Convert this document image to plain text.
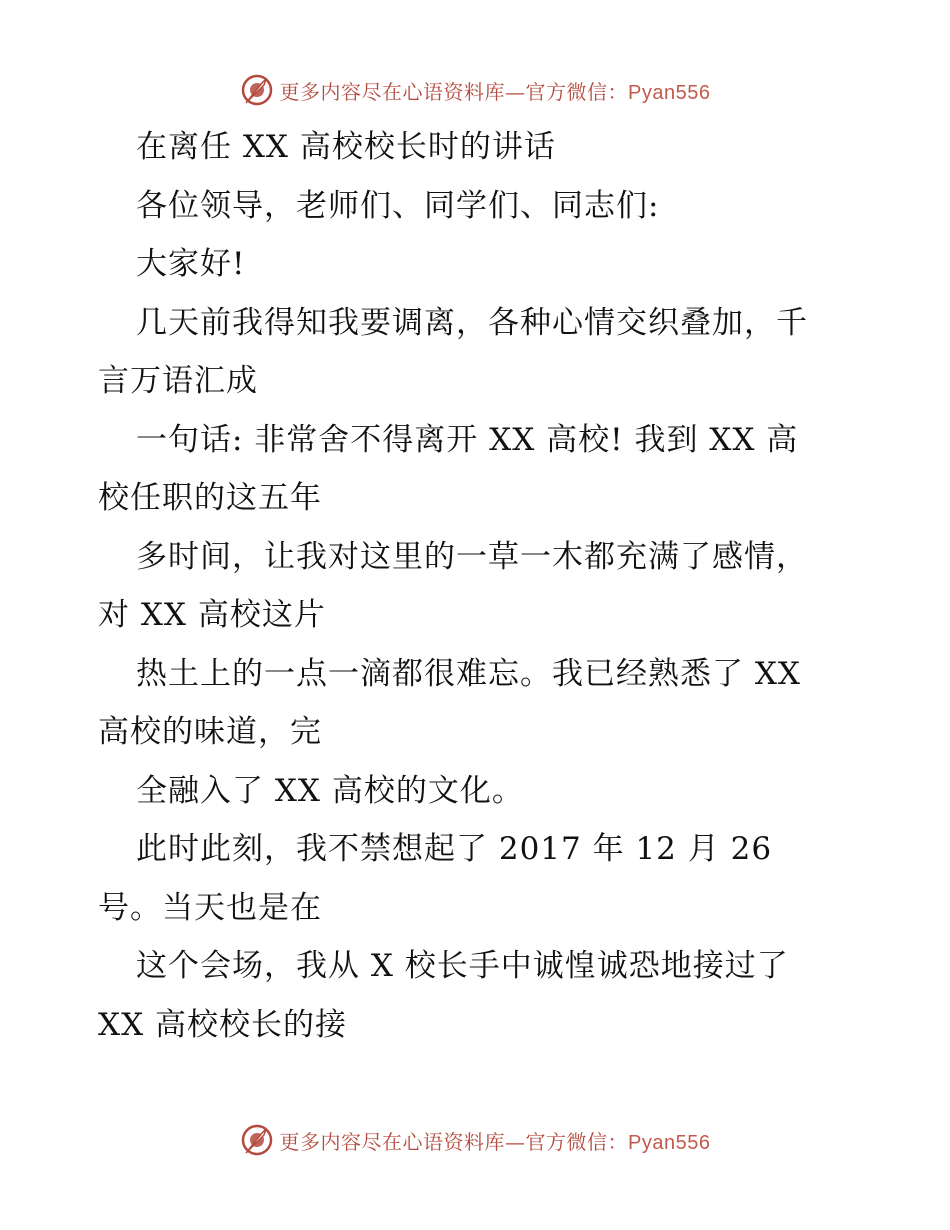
更多内容尽在心语资料库—官方微信：Pyan556
在离任 XX 高校校长时的讲话
各位领导，老师们、同学们、同志们:
大家好!
几天前我得知我要调离，各种心情交织叠加，千
言万语汇成
一句话: 非常舍不得离开 XX 高校! 我到 XX 高
校任职的这五年
多时间，让我对这里的一草一木都充满了感情，
对 XX 高校这片
热土上的一点一滴都很难忘。我已经熟悉了 XX
高校的味道，完
全融入了 XX 高校的文化。
此时此刻，我不禁想起了 2017 年 12 月 26
号。当天也是在
这个会场，我从 X 校长手中诚惶诚恐地接过了
XX 高校校长的接
更多内容尽在心语资料库—官方微信：Pyan556
